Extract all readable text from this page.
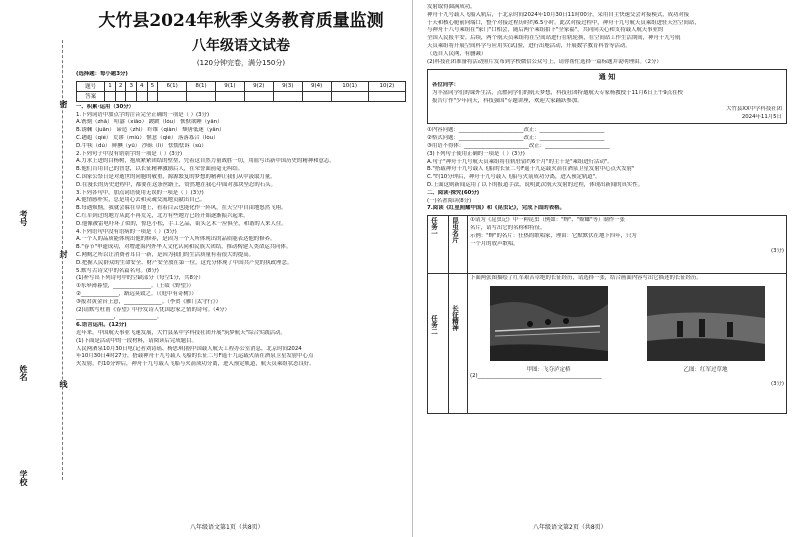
学校
姓名
考号
密
封
线
大竹县2024年秋季义务教育质量监测
八年级语文试卷
(120分钟完卷，满分150分)
(选择题：每小题3分)
题号	1	2	3	4	5	6(1)	8(1)	9(1)	9(2)	9(3)	9(4)	10(1)	10(2)
答案													
一、积累·运用（30分）
1.下列词语中加点字的注音完全正确的一项是（ ）(3分)
A.镌刻（zhā） 喧嚣（xiāo） 踱踱（lóu） 恹恹欲睡（yān）
B.锈斓（juān） 谛造（zhì） 纤维（qiàn） 颓唐低迷（yǎn）
C.趔趄（qiè） 荒谬（miù） 惬意（qiè） 落落寡合（lòu）
D.牛犊（dú） 鲜腆（yǔ） 沙砾（lì） 怯懦怯诉（sù）
2.下列句子中没有错别字的一项是（ ）(3分)
A.力求上进的白杨树，抱成紧紧团结的壁垒，凭着这自然力量战胜一切，用血写出新中国历史的精神和意志。
B.他们肯用自己的智慧，以长征精神激励后人，在荣誉面前毫无纠结。
C.国家公祭日是对逝世的同胞的敬重，源源繁复的梦想的精神让我们从中汲取力量。
D.在漫长的历史进程中，都要在这条丝路上，赞然地在我心中面对那块坚忍的石头。
3.下列各句中，加点词语使用无误的一项是（ ）(3分)
A.他情感朴实，总是用心去和灵魂交流地贡献出自己。
B.每遇烦恼，我就会躲在草地上，看着白云也能化作一阵风，在天空中自由地悠然飞翔。
C.红军到过的地方从此不再荒芜，北方有些地方已经开始逐渐振兴起来。
D.他像被雷电吓坏了似的，惊色小松，手工艺品，街头艺术一应俱全，和谐的人来人往。
4.下列语句中没有语病的一项是（ ）(3分)
A.一个人的品质能体现出他的修养，是因为一个人所体现出的品质能表达他的修养。
B."春节"申遗成功，对增进海内外华人文化认同和民族大团结，推动构建人类命运共同体。
C.网购之所以让消费者耳目一新，是因为我们的生活质量有着很大的提高。
D.把握人民群众的生命安全、财产安全放在第一位，这充分体现了中国共产党的执政理念。
5.默写古诗文中的名篇名句。(8分)
(1)补写出下列诗句中的空缺部分（每空1分，共8分）
①东皋薄暮望，______________。（王绩《野望》）
②______________，路远莫致之。（《庭中有奇树》）
③报君黄金台上意，______________。（李贺《雁门太守行》）
(2)请默写杜甫《春望》中抒发诗人忧国思家之情的诗句。（4分）
______________，______________。
6.语言运用。(12分)
近年来，中国航天事业飞速发展，大竹县某中学科技社团开展"筑梦航天"综合实践活动。
(1)下面是活动中的一段材料，请阅读后完成题目。
人民网酒泉10月30日电(记者刘诗瑶、杨思琪)据中国载人航天工程办公室消息，北京时间2024
年10月30日4时27分，搭载神舟十九号载人飞船的长征二号F遥十九运载火箭在酒泉卫星发射中心点
火发射，约10分钟后，神舟十九号载人飞船与火箭成功分离，进入预定轨道，航天员乘组状态良好。
八年级语文第1页（共8页）
发射取得圆满成功。
神舟十九号载人飞船入轨后，于北京时间2024年10月30日11时00分，采用自主快速交会对接模式，成功对接
于天和核心舱前向端口，整个对接过程历时约6.5小时。此次对接过程中，神舟十九号航天员乘组进驻天宫空间站，
与神舟十八号乘组在"家门"口相会，随后两个乘组拍下"全家福"，共同向关心和支持载人航天事业的
全国人民报平安。后续，两个航天员乘组将在空间站进行在轨轮换，在空间站工作生活期间，神舟十九号航
天员乘组将开展空间科学与应用实(试)验，进行出舱活动，开展数字教育科普等活动。
（选自人民网，有删减）
(2)科技社团准备将活动照片发布到学校微信公众号上，请你帮忙选择一篇标题并说明理由。（2分）
通 知
各位同学：
为丰富同学们的课外生活，点燃同学们的航天梦想，科技社团特邀航天专家杨教授于11月6日上午9点在校
报告厅作"少年同天，科技强国"专题讲座，欢迎大家踊跃参加。
大竹县XX中学科技社团
2024年11月5日
①内容问题：________________________改正：________________________
②格式问题：________________________改正：________________________
③用语不得体：________________________改正：________________________
(3)下列句子使用正确的一项是（ ）(3分)
A.句子"神舟十九号航天员乘组将在轨驻留约6个月"的主干是"乘组进行活动"。
B."搭载神舟十九号载人飞船的长征二号F遥十九运载火箭在酒泉卫星发射中心点火发射"
C."约10分钟后，神舟十九号载人飞船与火箭成功分离，进入预定轨道"。
D.上面这则新闻运用了以下的报道手法，说明此次航天发射的过程，体现出新闻的真实性。
二、阅读·探究(60分)
(一)名著阅读(8分)
7.阅读《红星照耀中国》和《昆虫记》，完成下面的表格。
任务一	昆虫名片	①请为《昆虫记》中一种昆虫（例如："蝉"、"螳螂"等）制作一张
名片，请写出它的名称和特征。
示例："蝉"的名片：狂热的歌唱家，理由：它默默伏在地下四年，只为
一个月的放声歌唱。
(3分)

任务二	长征精神	下面两张图描绘了红军艰苦卓绝的长征经历，请选择一张，结合画面内容写出它描述的长征经历。
甲图：飞夺泸定桥 乙图：红军过草地
(2)______________________________________________
(3分)
八年级语文第2页（共8页）
